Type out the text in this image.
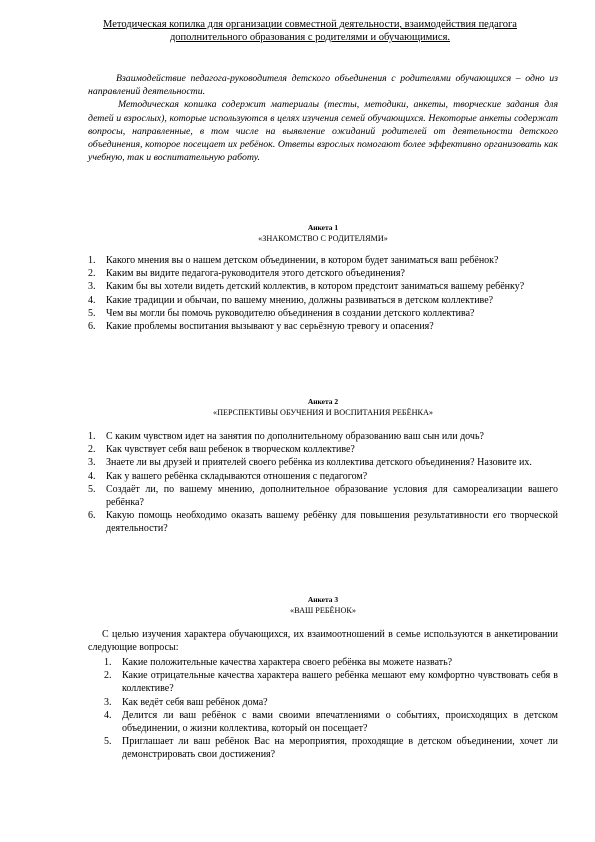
Методическая копилка для организации совместной деятельности, взаимодействия педагога дополнительного образования с родителями и обучающимися.

Взаимодействие педагога-руководителя детского объединения с родителями обучающихся – одно из направлений деятельности.

Методическая копилка содержит материалы (тесты, методики, анкеты, творческие задания для детей и взрослых), которые используются в целях изучения семей обучающихся. Некоторые анкеты содержат вопросы, направленные, в том числе на выявление ожиданий родителей от деятельности детского объединения, которое посещает их ребёнок. Ответы взрослых помогают более эффективно организовать как учебную, так и воспитательную работу.

Анкета 1
«ЗНАКОМСТВО С РОДИТЕЛЯМИ»
1. Какого мнения вы о нашем детском объединении, в котором будет заниматься ваш ребёнок?
2. Каким вы видите педагога-руководителя этого детского объединения?
3. Каким бы вы хотели видеть детский коллектив, в котором предстоит заниматься вашему ребёнку?
4. Какие традиции и обычаи, по вашему мнению, должны развиваться в детском коллективе?
5. Чем вы могли бы помочь руководителю объединения в создании детского коллектива?
6. Какие проблемы воспитания вызывают у вас серьёзную тревогу и опасения?
Анкета 2
«ПЕРСПЕКТИВЫ ОБУЧЕНИЯ И ВОСПИТАНИЯ РЕБЁНКА»
1. С каким чувством идет на занятия по дополнительному образованию ваш сын или дочь?
2. Как чувствует себя ваш ребенок в творческом коллективе?
3. Знаете ли вы друзей и приятелей своего ребёнка из коллектива детского объединения? Назовите их.
4. Как у вашего ребёнка складываются отношения с педагогом?
5. Создаёт ли, по вашему мнению, дополнительное образование условия для самореализации вашего ребёнка?
6. Какую помощь необходимо оказать вашему ребёнку для повышения результативности его творческой деятельности?
Анкета 3
«ВАШ РЕБЁНОК»

С целью изучения характера обучающихся, их взаимоотношений в семье используются в анкетировании следующие вопросы:

1. Какие положительные качества характера своего ребёнка вы можете назвать?
2. Какие отрицательные качества характера вашего ребёнка мешают ему комфортно чувствовать себя в коллективе?
3. Как ведёт себя ваш ребёнок дома?
4. Делится ли ваш ребёнок с вами своими впечатлениями о событиях, происходящих в детском объединении, о жизни коллектива, который он посещает?
5. Приглашает ли ваш ребёнок Вас на мероприятия, проходящие в детском объединении, хочет ли демонстрировать свои достижения?
